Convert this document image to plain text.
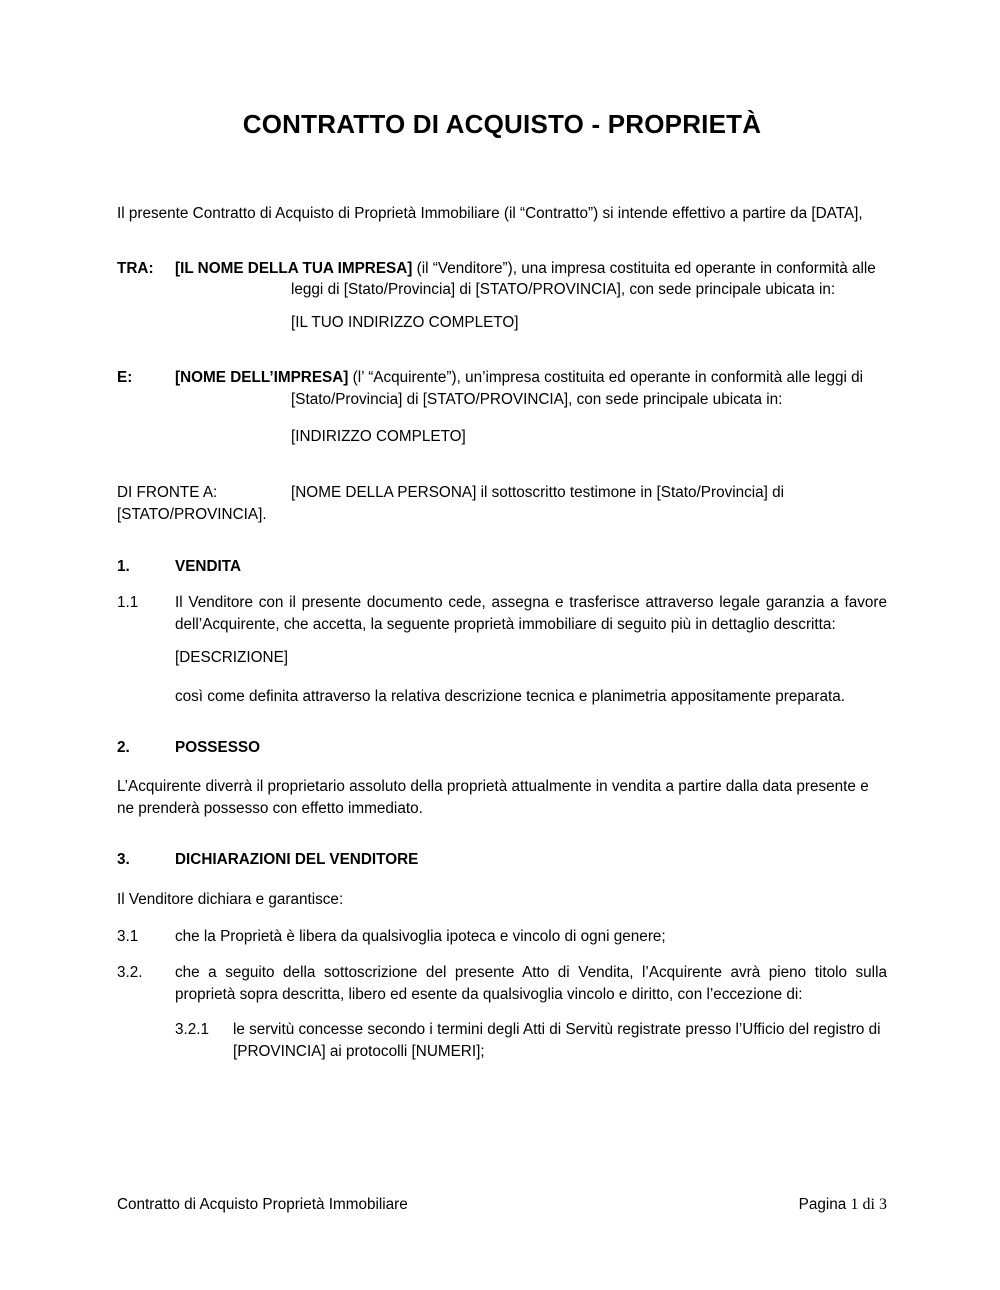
CONTRATTO DI ACQUISTO - PROPRIETÀ

Il presente Contratto di Acquisto di Proprietà Immobiliare (il “Contratto”) si intende effettivo a partire da [DATA],

TRA: [IL NOME DELLA TUA IMPRESA] (il “Venditore”), una impresa costituita ed operante in conformità alle leggi di [Stato/Provincia] di [STATO/PROVINCIA], con sede principale ubicata in:

[IL TUO INDIRIZZO COMPLETO]

E:	[NOME DELL’IMPRESA] (l’ “Acquirente”), un’impresa costituita ed operante in conformità alle leggi di [Stato/Provincia] di [STATO/PROVINCIA], con sede principale ubicata in:

[INDIRIZZO COMPLETO]

DI FRONTE A:	[NOME DELLA PERSONA] il sottoscritto testimone in [Stato/Provincia] di [STATO/PROVINCIA].

1.	VENDITA

1.1 Il Venditore con il presente documento cede, assegna e trasferisce attraverso legale garanzia a favore dell’Acquirente, che accetta, la seguente proprietà immobiliare di seguito più in dettaglio descritta:

[DESCRIZIONE]

così come definita attraverso la relativa descrizione tecnica e planimetria appositamente preparata.

2.	POSSESSO

L’Acquirente diverrà il proprietario assoluto della proprietà attualmente in vendita a partire dalla data presente e ne prenderà possesso con effetto immediato.

3.	DICHIARAZIONI DEL VENDITORE

Il Venditore dichiara e garantisce:

3.1 che la Proprietà è libera da qualsivoglia ipoteca e vincolo di ogni genere;

3.2. che a seguito della sottoscrizione del presente Atto di Vendita, l’Acquirente avrà pieno titolo sulla proprietà sopra descritta, libero ed esente da qualsivoglia vincolo e diritto, con l’eccezione di:

3.2.1 le servitù concesse secondo i termini degli Atti di Servitù registrate presso l’Ufficio del registro di [PROVINCIA] ai protocolli [NUMERI];

Contratto di Acquisto Proprietà Immobiliare	Pagina 1 di 3
